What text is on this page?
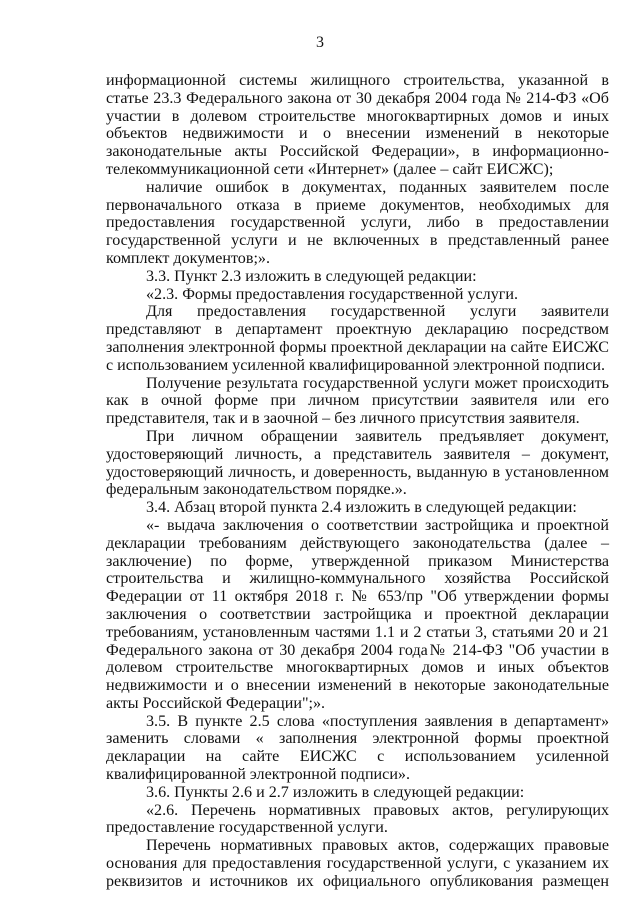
3

информационной системы жилищного строительства, указанной в статье 23.3 Федерального закона от 30 декабря 2004 года № 214-ФЗ «Об участии в долевом строительстве многоквартирных домов и иных объектов недвижимости и о внесении изменений в некоторые законодательные акты Российской Федерации», в информационно-телекоммуникационной сети «Интернет» (далее – сайт ЕИСЖС);

наличие ошибок в документах, поданных заявителем после первоначального отказа в приеме документов, необходимых для предоставления государственной услуги, либо в предоставлении государственной услуги и не включенных в представленный ранее комплект документов;».

3.3. Пункт 2.3 изложить в следующей редакции:

«2.3. Формы предоставления государственной услуги.

Для предоставления государственной услуги заявители представляют в департамент проектную декларацию посредством заполнения электронной формы проектной декларации на сайте ЕИСЖС с использованием усиленной квалифицированной электронной подписи.

Получение результата государственной услуги может происходить как в очной форме при личном присутствии заявителя или его представителя, так и в заочной – без личного присутствия заявителя.

При личном обращении заявитель предъявляет документ, удостоверяющий личность, а представитель заявителя – документ, удостоверяющий личность, и доверенность, выданную в установленном федеральным законодательством порядке.».

3.4. Абзац второй пункта 2.4 изложить в следующей редакции:

«- выдача заключения о соответствии застройщика и проектной декларации требованиям действующего законодательства (далее – заключение) по форме, утвержденной приказом Министерства строительства и жилищно-коммунального хозяйства Российской Федерации от 11 октября 2018 г. № 653/пр "Об утверждении формы заключения о соответствии застройщика и проектной декларации требованиям, установленным частями 1.1 и 2 статьи 3, статьями 20 и 21 Федерального закона от 30 декабря 2004 года№ 214-ФЗ "Об участии в долевом строительстве многоквартирных домов и иных объектов недвижимости и о внесении изменений в некоторые законодательные акты Российской Федерации";».

3.5. В пункте 2.5 слова «поступления заявления в департамент» заменить словами « заполнения электронной формы проектной декларации на сайте ЕИСЖС с использованием усиленной квалифицированной электронной подписи».

3.6. Пункты 2.6 и 2.7 изложить в следующей редакции:

«2.6. Перечень нормативных правовых актов, регулирующих предоставление государственной услуги.

Перечень нормативных правовых актов, содержащих правовые основания для предоставления государственной услуги, с указанием их реквизитов и источников их официального опубликования размещен
